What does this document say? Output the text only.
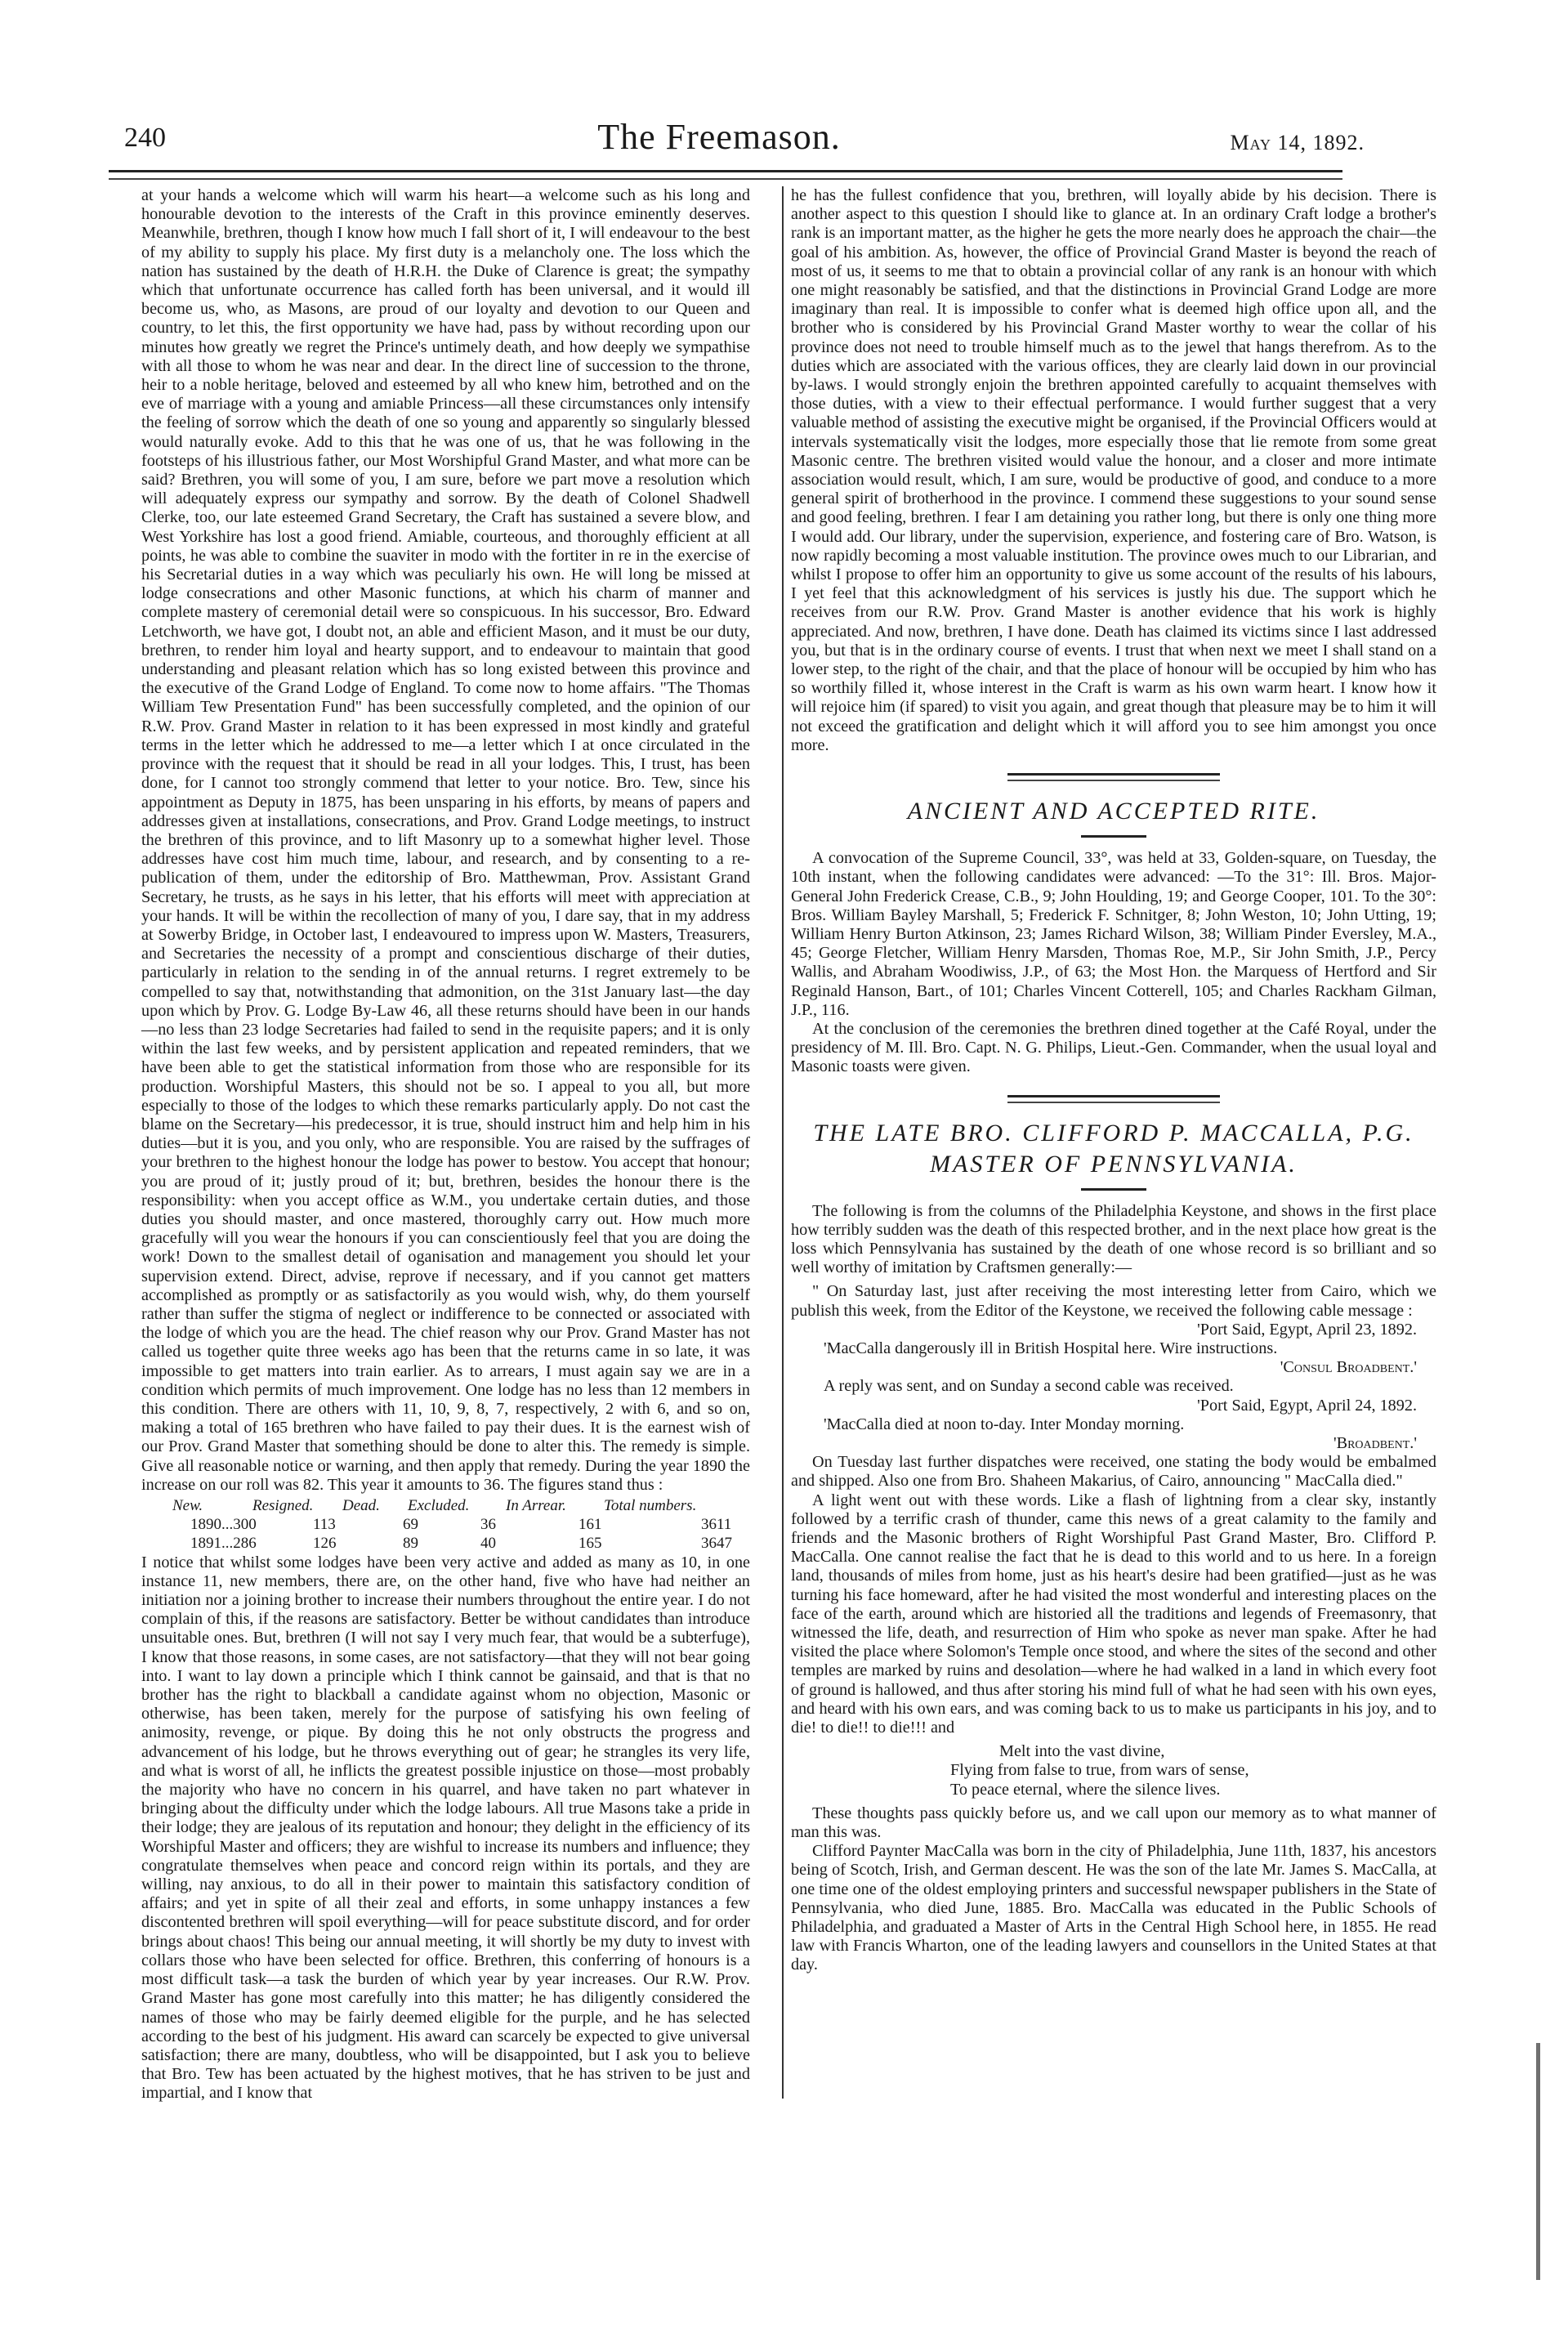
240	The Freemason.	May 14, 1892.

at your hands a welcome which will warm his heart—a welcome such as his long and honourable devotion to the interests of the Craft in this province eminently deserves. Meanwhile, brethren, though I know how much I fall short of it, I will endeavour to the best of my ability to supply his place. My first duty is a melancholy one. The loss which the nation has sustained by the death of H.R.H. the Duke of Clarence is great; the sympathy which that unfortunate occurrence has called forth has been universal, and it would ill become us, who, as Masons, are proud of our loyalty and devotion to our Queen and country, to let this, the first opportunity we have had, pass by without recording upon our minutes how greatly we regret the Prince's untimely death, and how deeply we sympathise with all those to whom he was near and dear. In the direct line of succession to the throne, heir to a noble heritage, beloved and esteemed by all who knew him, betrothed and on the eve of marriage with a young and amiable Princess—all these circumstances only intensify the feeling of sorrow which the death of one so young and apparently so singularly blessed would naturally evoke. Add to this that he was one of us, that he was following in the footsteps of his illustrious father, our Most Worshipful Grand Master, and what more can be said? Brethren, you will some of you, I am sure, before we part move a resolution which will adequately express our sympathy and sorrow. By the death of Colonel Shadwell Clerke, too, our late esteemed Grand Secretary, the Craft has sustained a severe blow, and West Yorkshire has lost a good friend. Amiable, courteous, and thoroughly efficient at all points, he was able to combine the suaviter in modo with the fortiter in re in the exercise of his Secretarial duties in a way which was peculiarly his own. He will long be missed at lodge consecrations and other Masonic functions, at which his charm of manner and complete mastery of ceremonial detail were so conspicuous. In his successor, Bro. Edward Letchworth, we have got, I doubt not, an able and efficient Mason, and it must be our duty, brethren, to render him loyal and hearty support, and to endeavour to maintain that good understanding and pleasant relation which has so long existed between this province and the executive of the Grand Lodge of England. To come now to home affairs. "The Thomas William Tew Presentation Fund" has been successfully completed, and the opinion of our R.W. Prov. Grand Master in relation to it has been expressed in most kindly and grateful terms in the letter which he addressed to me—a letter which I at once circulated in the province with the request that it should be read in all your lodges. This, I trust, has been done, for I cannot too strongly commend that letter to your notice. Bro. Tew, since his appointment as Deputy in 1875, has been unsparing in his efforts, by means of papers and addresses given at installations, consecrations, and Prov. Grand Lodge meetings, to instruct the brethren of this province, and to lift Masonry up to a somewhat higher level. Those addresses have cost him much time, labour, and research, and by consenting to a re-publication of them, under the editorship of Bro. Matthewman, Prov. Assistant Grand Secretary, he trusts, as he says in his letter, that his efforts will meet with appreciation at your hands. It will be within the recollection of many of you, I dare say, that in my address at Sowerby Bridge, in October last, I endeavoured to impress upon W. Masters, Treasurers, and Secretaries the necessity of a prompt and conscientious discharge of their duties, particularly in relation to the sending in of the annual returns. I regret extremely to be compelled to say that, notwithstanding that admonition, on the 31st January last—the day upon which by Prov. G. Lodge By-Law 46, all these returns should have been in our hands—no less than 23 lodge Secretaries had failed to send in the requisite papers; and it is only within the last few weeks, and by persistent application and repeated reminders, that we have been able to get the statistical information from those who are responsible for its production. Worshipful Masters, this should not be so. I appeal to you all, but more especially to those of the lodges to which these remarks particularly apply. Do not cast the blame on the Secretary—his predecessor, it is true, should instruct him and help him in his duties—but it is you, and you only, who are responsible. You are raised by the suffrages of your brethren to the highest honour the lodge has power to bestow. You accept that honour; you are proud of it; justly proud of it; but, brethren, besides the honour there is the responsibility: when you accept office as W.M., you undertake certain duties, and those duties you should master, and once mastered, thoroughly carry out. How much more gracefully will you wear the honours if you can conscientiously feel that you are doing the work! Down to the smallest detail of oganisation and management you should let your supervision extend. Direct, advise, reprove if necessary, and if you cannot get matters accomplished as promptly or as satisfactorily as you would wish, why, do them yourself rather than suffer the stigma of neglect or indifference to be connected or associated with the lodge of which you are the head. The chief reason why our Prov. Grand Master has not called us together quite three weeks ago has been that the returns came in so late, it was impossible to get matters into train earlier. As to arrears, I must again say we are in a condition which permits of much improvement. One lodge has no less than 12 members in this condition. There are others with 11, 10, 9, 8, 7, respectively, 2 with 6, and so on, making a total of 165 brethren who have failed to pay their dues. It is the earnest wish of our Prov. Grand Master that something should be done to alter this. The remedy is simple. Give all reasonable notice or warning, and then apply that remedy. During the year 1890 the increase on our roll was 82. This year it amounts to 36. The figures stand thus :

New.	Resigned.	Dead.	Excluded.	In Arrear.	Total numbers.
1890...300	113	69	36	161	3611
1891...286	126	89	40	165	3647

I notice that whilst some lodges have been very active and added as many as 10, in one instance 11, new members, there are, on the other hand, five who have had neither an initiation nor a joining brother to increase their numbers throughout the entire year. I do not complain of this, if the reasons are satisfactory. Better be without candidates than introduce unsuitable ones. But, brethren (I will not say I very much fear, that would be a subterfuge), I know that those reasons, in some cases, are not satisfactory—that they will not bear going into. I want to lay down a principle which I think cannot be gainsaid, and that is that no brother has the right to blackball a candidate against whom no objection, Masonic or otherwise, has been taken, merely for the purpose of satisfying his own feeling of animosity, revenge, or pique. By doing this he not only obstructs the progress and advancement of his lodge, but he throws everything out of gear; he strangles its very life, and what is worst of all, he inflicts the greatest possible injustice on those—most probably the majority who have no concern in his quarrel, and have taken no part whatever in bringing about the difficulty under which the lodge labours. All true Masons take a pride in their lodge; they are jealous of its reputation and honour; they delight in the efficiency of its Worshipful Master and officers; they are wishful to increase its numbers and influence; they congratulate themselves when peace and concord reign within its portals, and they are willing, nay anxious, to do all in their power to maintain this satisfactory condition of affairs; and yet in spite of all their zeal and efforts, in some unhappy instances a few discontented brethren will spoil everything—will for peace substitute discord, and for order brings about chaos! This being our annual meeting, it will shortly be my duty to invest with collars those who have been selected for office. Brethren, this conferring of honours is a most difficult task—a task the burden of which year by year increases. Our R.W. Prov. Grand Master has gone most carefully into this matter; he has diligently considered the names of those who may be fairly deemed eligible for the purple, and he has selected according to the best of his judgment. His award can scarcely be expected to give universal satisfaction; there are many, doubtless, who will be disappointed, but I ask you to believe that Bro. Tew has been actuated by the highest motives, that he has striven to be just and impartial, and I know that

he has the fullest confidence that you, brethren, will loyally abide by his decision. There is another aspect to this question I should like to glance at. In an ordinary Craft lodge a brother's rank is an important matter, as the higher he gets the more nearly does he approach the chair—the goal of his ambition. As, however, the office of Provincial Grand Master is beyond the reach of most of us, it seems to me that to obtain a provincial collar of any rank is an honour with which one might reasonably be satisfied, and that the distinctions in Provincial Grand Lodge are more imaginary than real. It is impossible to confer what is deemed high office upon all, and the brother who is considered by his Provincial Grand Master worthy to wear the collar of his province does not need to trouble himself much as to the jewel that hangs therefrom. As to the duties which are associated with the various offices, they are clearly laid down in our provincial by-laws. I would strongly enjoin the brethren appointed carefully to acquaint themselves with those duties, with a view to their effectual performance. I would further suggest that a very valuable method of assisting the executive might be organised, if the Provincial Officers would at intervals systematically visit the lodges, more especially those that lie remote from some great Masonic centre. The brethren visited would value the honour, and a closer and more intimate association would result, which, I am sure, would be productive of good, and conduce to a more general spirit of brotherhood in the province. I commend these suggestions to your sound sense and good feeling, brethren. I fear I am detaining you rather long, but there is only one thing more I would add. Our library, under the supervision, experience, and fostering care of Bro. Watson, is now rapidly becoming a most valuable institution. The province owes much to our Librarian, and whilst I propose to offer him an opportunity to give us some account of the results of his labours, I yet feel that this acknowledgment of his services is justly his due. The support which he receives from our R.W. Prov. Grand Master is another evidence that his work is highly appreciated. And now, brethren, I have done. Death has claimed its victims since I last addressed you, but that is in the ordinary course of events. I trust that when next we meet I shall stand on a lower step, to the right of the chair, and that the place of honour will be occupied by him who has so worthily filled it, whose interest in the Craft is warm as his own warm heart. I know how it will rejoice him (if spared) to visit you again, and great though that pleasure may be to him it will not exceed the gratification and delight which it will afford you to see him amongst you once more.

ANCIENT AND ACCEPTED RITE.

A convocation of the Supreme Council, 33°, was held at 33, Golden-square, on Tuesday, the 10th instant, when the following candidates were advanced: —To the 31°: Ill. Bros. Major-General John Frederick Crease, C.B., 9; John Houlding, 19; and George Cooper, 101. To the 30°: Bros. William Bayley Marshall, 5; Frederick F. Schnitger, 8; John Weston, 10; John Utting, 19; William Henry Burton Atkinson, 23; James Richard Wilson, 38; William Pinder Eversley, M.A., 45; George Fletcher, William Henry Marsden, Thomas Roe, M.P., Sir John Smith, J.P., Percy Wallis, and Abraham Woodiwiss, J.P., of 63; the Most Hon. the Marquess of Hertford and Sir Reginald Hanson, Bart., of 101; Charles Vincent Cotterell, 105; and Charles Rackham Gilman, J.P., 116.

At the conclusion of the ceremonies the brethren dined together at the Café Royal, under the presidency of M. Ill. Bro. Capt. N. G. Philips, Lieut.-Gen. Commander, when the usual loyal and Masonic toasts were given.

THE LATE BRO. CLIFFORD P. MACCALLA, P.G.
MASTER OF PENNSYLVANIA.

The following is from the columns of the Philadelphia Keystone, and shows in the first place how terribly sudden was the death of this respected brother, and in the next place how great is the loss which Pennsylvania has sustained by the death of one whose record is so brilliant and so well worthy of imitation by Craftsmen generally:—

" On Saturday last, just after receiving the most interesting letter from Cairo, which we publish this week, from the Editor of the Keystone, we received the following cable message :

'Port Said, Egypt, April 23, 1892.
'MacCalla dangerously ill in British Hospital here. Wire instructions.
'Consul Broadbent.'
A reply was sent, and on Sunday a second cable was received.
'Port Said, Egypt, April 24, 1892.
'MacCalla died at noon to-day. Inter Monday morning.
'Broadbent.'

On Tuesday last further dispatches were received, one stating the body would be embalmed and shipped. Also one from Bro. Shaheen Makarius, of Cairo, announcing " MacCalla died."

A light went out with these words. Like a flash of lightning from a clear sky, instantly followed by a terrific crash of thunder, came this news of a great calamity to the family and friends and the Masonic brothers of Right Worshipful Past Grand Master, Bro. Clifford P. MacCalla. One cannot realise the fact that he is dead to this world and to us here. In a foreign land, thousands of miles from home, just as his heart's desire had been gratified—just as he was turning his face homeward, after he had visited the most wonderful and interesting places on the face of the earth, around which are historied all the traditions and legends of Freemasonry, that witnessed the life, death, and resurrection of Him who spoke as never man spake. After he had visited the place where Solomon's Temple once stood, and where the sites of the second and other temples are marked by ruins and desolation—where he had walked in a land in which every foot of ground is hallowed, and thus after storing his mind full of what he had seen with his own eyes, and heard with his own ears, and was coming back to us to make us participants in his joy, and to die! to die!! to die!!! and

Melt into the vast divine,
Flying from false to true, from wars of sense,
To peace eternal, where the silence lives.

These thoughts pass quickly before us, and we call upon our memory as to what manner of man this was.

Clifford Paynter MacCalla was born in the city of Philadelphia, June 11th, 1837, his ancestors being of Scotch, Irish, and German descent. He was the son of the late Mr. James S. MacCalla, at one time one of the oldest employing printers and successful newspaper publishers in the State of Pennsylvania, who died June, 1885. Bro. MacCalla was educated in the Public Schools of Philadelphia, and graduated a Master of Arts in the Central High School here, in 1855. He read law with Francis Wharton, one of the leading lawyers and counsellors in the United States at that day.
